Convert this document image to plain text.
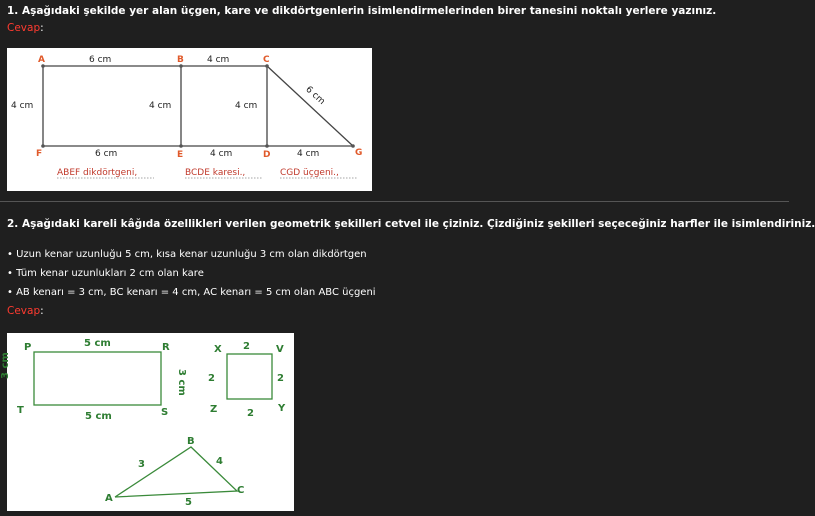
1. Aşağıdaki şekilde yer alan üçgen, kare ve dikdörtgenlerin isimlendirmelerinden birer tanesini noktalı yerlere yazınız.
Cevap:
A	B	C
D
E
F	G
6 cm	4 cm
4 cm	4 cm	4 cm
6 cm	4 cm	4 cm
6 cm
ABEF dikdörtgeni,	BCDE karesi.,	CGD üçgeni.,
2. Aşağıdaki kareli kâğıda özellikleri verilen geometrik şekilleri cetvel ile çiziniz. Çizdiğiniz şekilleri seçeceğiniz harfler ile isimlendiriniz.
• Uzun kenar uzunluğu 5 cm, kısa kenar uzunluğu 3 cm olan dikdörtgen
• Tüm kenar uzunlukları 2 cm olan kare
• AB kenarı = 3 cm, BC kenarı = 4 cm, AC kenarı = 5 cm olan ABC üçgeni
Cevap:
P	R
S
T
5 cm
5 cm
3 cm
3 cm
X	V
Y
Z
2
2
2
2
A
B
C
3	4
5
